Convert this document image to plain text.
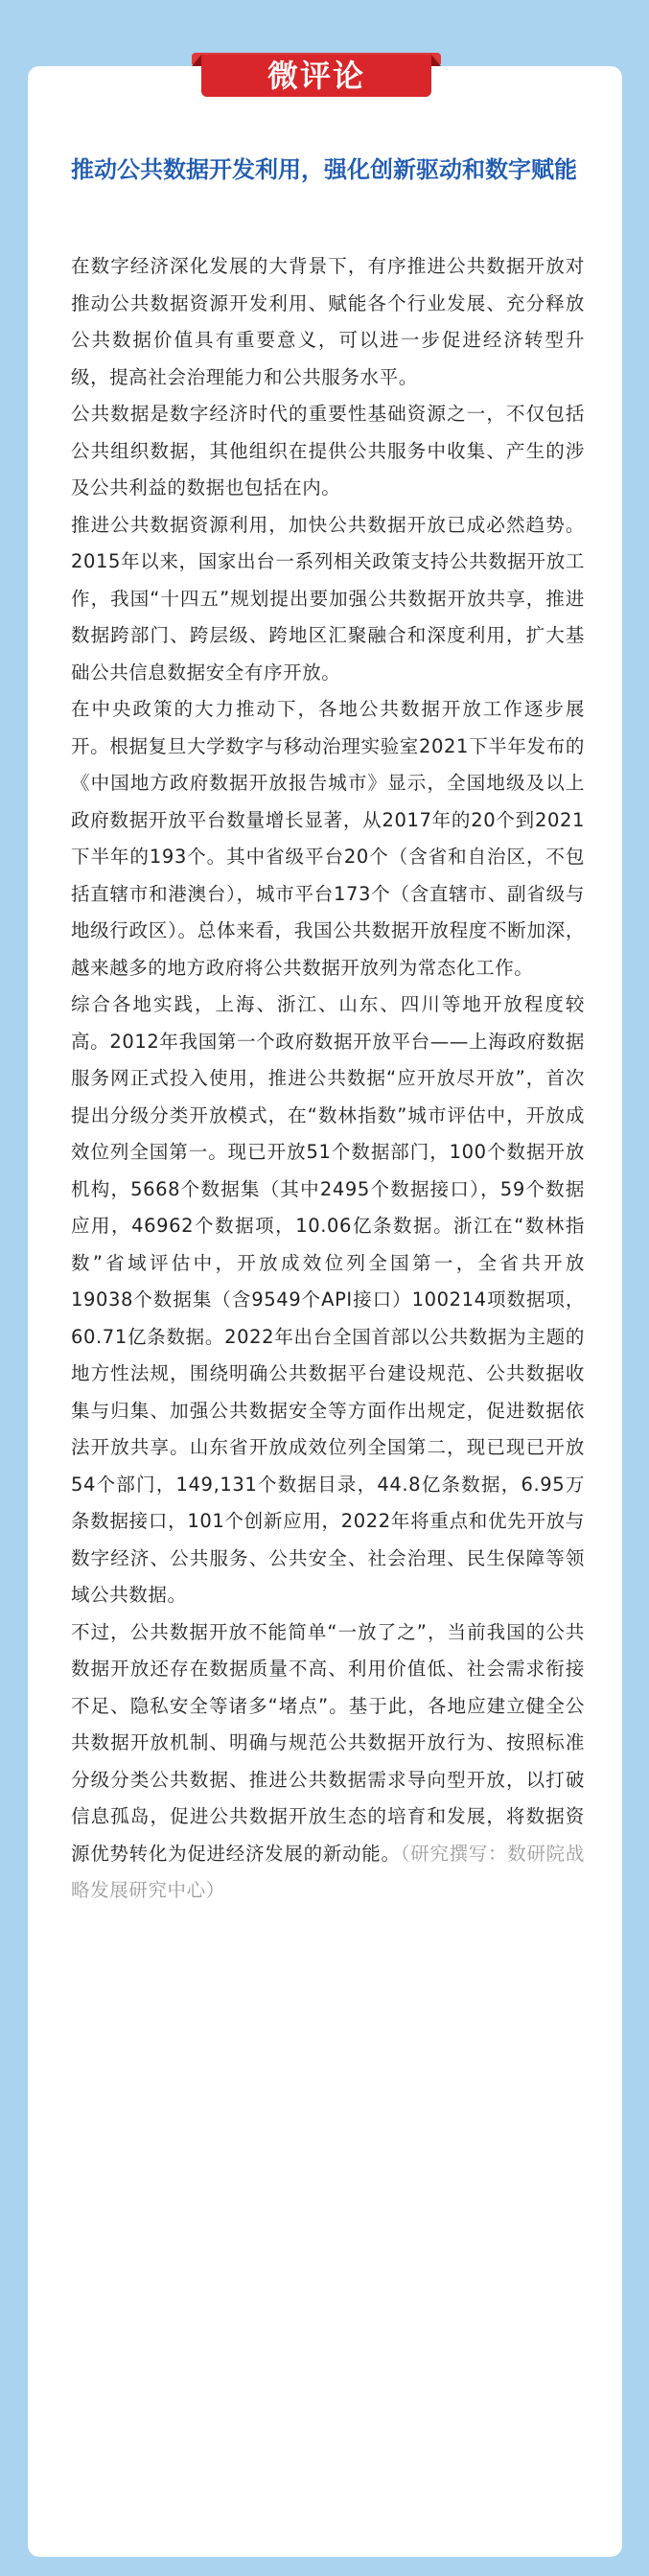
微评论
推动公共数据开发利用，强化创新驱动和数字赋能

在数字经济深化发展的大背景下，有序推进公共数据开放对推动公共数据资源开发利用、赋能各个行业发展、充分释放公共数据价值具有重要意义，可以进一步促进经济转型升级，提高社会治理能力和公共服务水平。

公共数据是数字经济时代的重要性基础资源之一，不仅包括公共组织数据，其他组织在提供公共服务中收集、产生的涉及公共利益的数据也包括在内。

推进公共数据资源利用，加快公共数据开放已成必然趋势。2015年以来，国家出台一系列相关政策支持公共数据开放工作，我国“十四五”规划提出要加强公共数据开放共享，推进数据跨部门、跨层级、跨地区汇聚融合和深度利用，扩大基础公共信息数据安全有序开放。

在中央政策的大力推动下，各地公共数据开放工作逐步展开。根据复旦大学数字与移动治理实验室2021下半年发布的《中国地方政府数据开放报告城市》显示，全国地级及以上政府数据开放平台数量增长显著，从2017年的20个到2021下半年的193个。其中省级平台20个（含省和自治区，不包括直辖市和港澳台），城市平台173个（含直辖市、副省级与地级行政区）。总体来看，我国公共数据开放程度不断加深，越来越多的地方政府将公共数据开放列为常态化工作。

综合各地实践，上海、浙江、山东、四川等地开放程度较高。2012年我国第一个政府数据开放平台——上海政府数据服务网正式投入使用，推进公共数据“应开放尽开放”，首次提出分级分类开放模式，在“数林指数”城市评估中，开放成效位列全国第一。现已开放51个数据部门，100个数据开放机构，5668个数据集（其中2495个数据接口），59个数据应用，46962个数据项，10.06亿条数据。浙江在“数林指数”省域评估中，开放成效位列全国第一，全省共开放19038个数据集（含9549个API接口）100214项数据项，60.71亿条数据。2022年出台全国首部以公共数据为主题的地方性法规，围绕明确公共数据平台建设规范、公共数据收集与归集、加强公共数据安全等方面作出规定，促进数据依法开放共享。山东省开放成效位列全国第二，现已现已开放54个部门，149,131个数据目录，44.8亿条数据，6.95万条数据接口，101个创新应用，2022年将重点和优先开放与数字经济、公共服务、公共安全、社会治理、民生保障等领域公共数据。

不过，公共数据开放不能简单“一放了之”，当前我国的公共数据开放还存在数据质量不高、利用价值低、社会需求衔接不足、隐私安全等诸多“堵点”。基于此，各地应建立健全公共数据开放机制、明确与规范公共数据开放行为、按照标准分级分类公共数据、推进公共数据需求导向型开放，以打破信息孤岛，促进公共数据开放生态的培育和发展，将数据资源优势转化为促进经济发展的新动能。（研究撰写：数研院战略发展研究中心）
